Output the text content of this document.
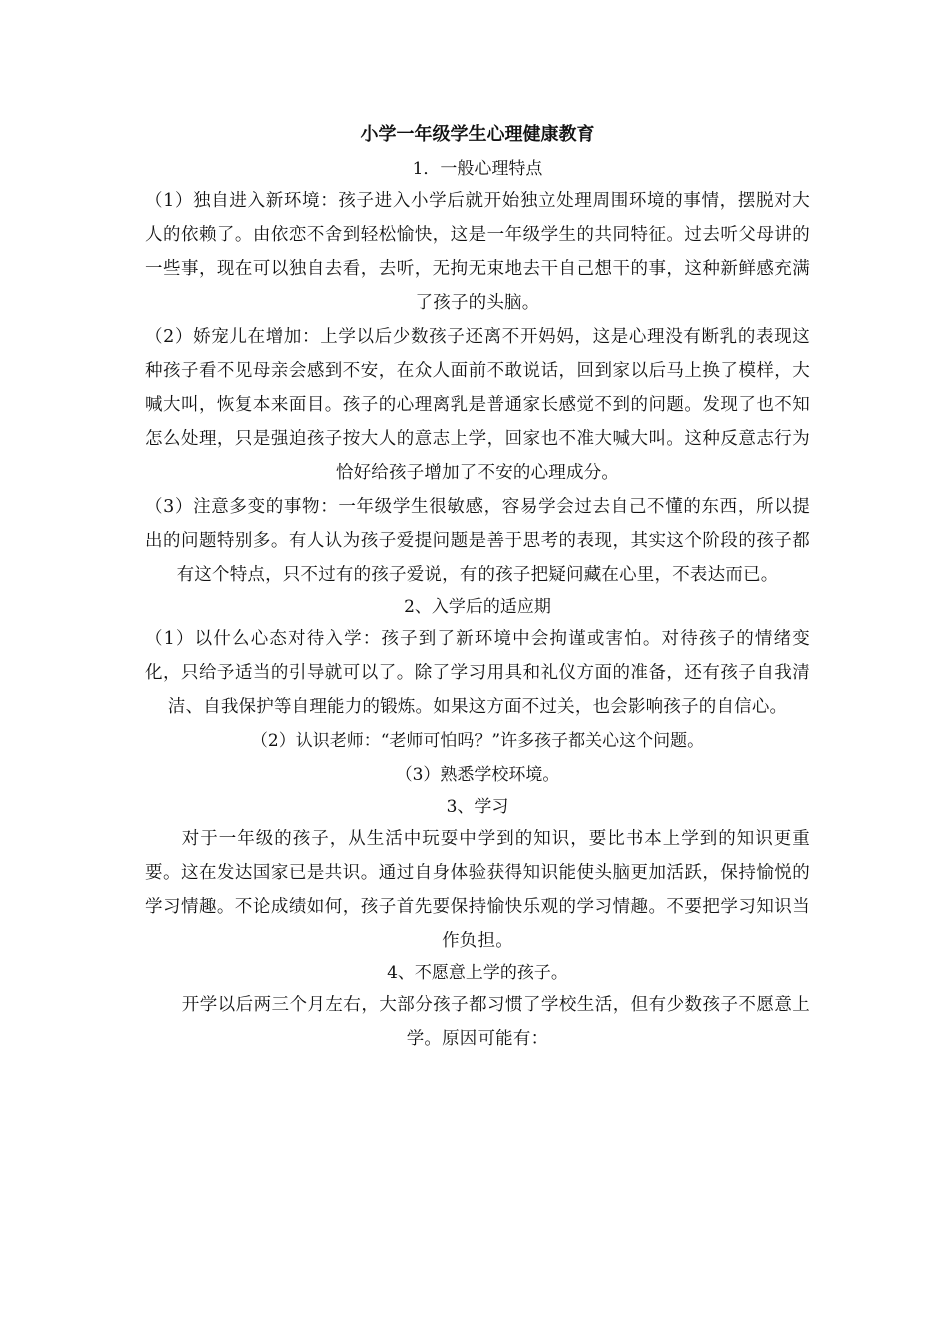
小学一年级学生心理健康教育

1．一般心理特点

（1）独自进入新环境：孩子进入小学后就开始独立处理周围环境的事情，摆脱对大人的依赖了。由依恋不舍到轻松愉快，这是一年级学生的共同特征。过去听父母讲的一些事，现在可以独自去看，去听，无拘无束地去干自己想干的事，这种新鲜感充满了孩子的头脑。

（2）娇宠儿在增加：上学以后少数孩子还离不开妈妈，这是心理没有断乳的表现这种孩子看不见母亲会感到不安，在众人面前不敢说话，回到家以后马上换了模样，大喊大叫，恢复本来面目。孩子的心理离乳是普通家长感觉不到的问题。发现了也不知怎么处理，只是强迫孩子按大人的意志上学，回家也不准大喊大叫。这种反意志行为恰好给孩子增加了不安的心理成分。

（3）注意多变的事物：一年级学生很敏感，容易学会过去自己不懂的东西，所以提出的问题特别多。有人认为孩子爱提问题是善于思考的表现，其实这个阶段的孩子都有这个特点，只不过有的孩子爱说，有的孩子把疑问藏在心里，不表达而已。

2、入学后的适应期

（1）以什么心态对待入学：孩子到了新环境中会拘谨或害怕。对待孩子的情绪变化，只给予适当的引导就可以了。除了学习用具和礼仪方面的准备，还有孩子自我清洁、自我保护等自理能力的锻炼。如果这方面不过关，也会影响孩子的自信心。

（2）认识老师：“老师可怕吗？”许多孩子都关心这个问题。

（3）熟悉学校环境。

3、学习

对于一年级的孩子，从生活中玩耍中学到的知识，要比书本上学到的知识更重要。这在发达国家已是共识。通过自身体验获得知识能使头脑更加活跃，保持愉悦的学习情趣。不论成绩如何，孩子首先要保持愉快乐观的学习情趣。不要把学习知识当作负担。

4、不愿意上学的孩子。

开学以后两三个月左右，大部分孩子都习惯了学校生活，但有少数孩子不愿意上学。原因可能有：
